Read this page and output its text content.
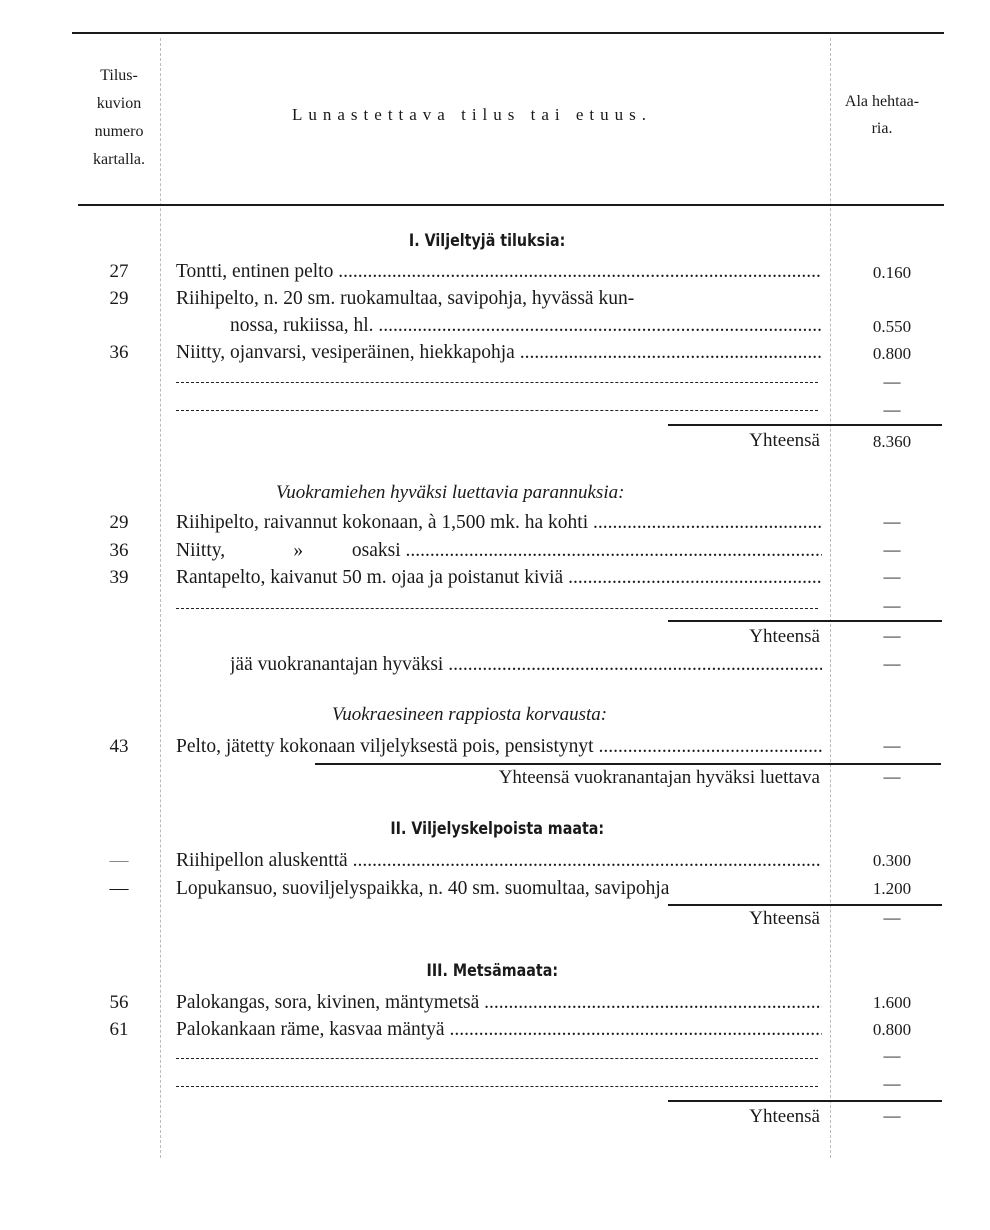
Tilus-
kuvion
numero
kartalla.
Lunastettava tilus tai etuus.
Ala hehtaa-
ria.
I. Viljeltyjä tiluksia:
27	Tontti, entinen pelto .....	0.160
29	Riihipelto, n. 20 sm. ruokamultaa, savipohja, hyvässä kun-
nossa, rukiissa, hl. .....	0.550
36	Niitty, ojanvarsi, vesiperäinen, hiekkapohja .....	0.800
—
—
Yhteensä	8.360
Vuokramiehen hyväksi luettavia parannuksia:
29	Riihipelto, raivannut kokonaan, à 1,500 mk. ha kohti .....	—
36	Niitty,              »          osaksi .....	—
39	Rantapelto, kaivanut 50 m. ojaa ja poistanut kiviä .....	—
—
Yhteensä	—
jää vuokranantajan hyväksi .....	—
Vuokraesineen rappiosta korvausta:
43	Pelto, jätetty kokonaan viljelyksestä pois, pensistynyt .....	—
Yhteensä vuokranantajan hyväksi luettava	—
II. Viljelyskelpoista maata:
—	Riihipellon aluskenttä .....	0.300
—	Lopukansuo, suoviljelyspaikka, n. 40 sm. suomultaa, savipohja	1.200
Yhteensä	—
III. Metsämaata:
56	Palokangas, sora, kivinen, mäntymetsä .....	1.600
61	Palokankaan räme, kasvaa mäntyä .....	0.800
—
—
Yhteensä	—
